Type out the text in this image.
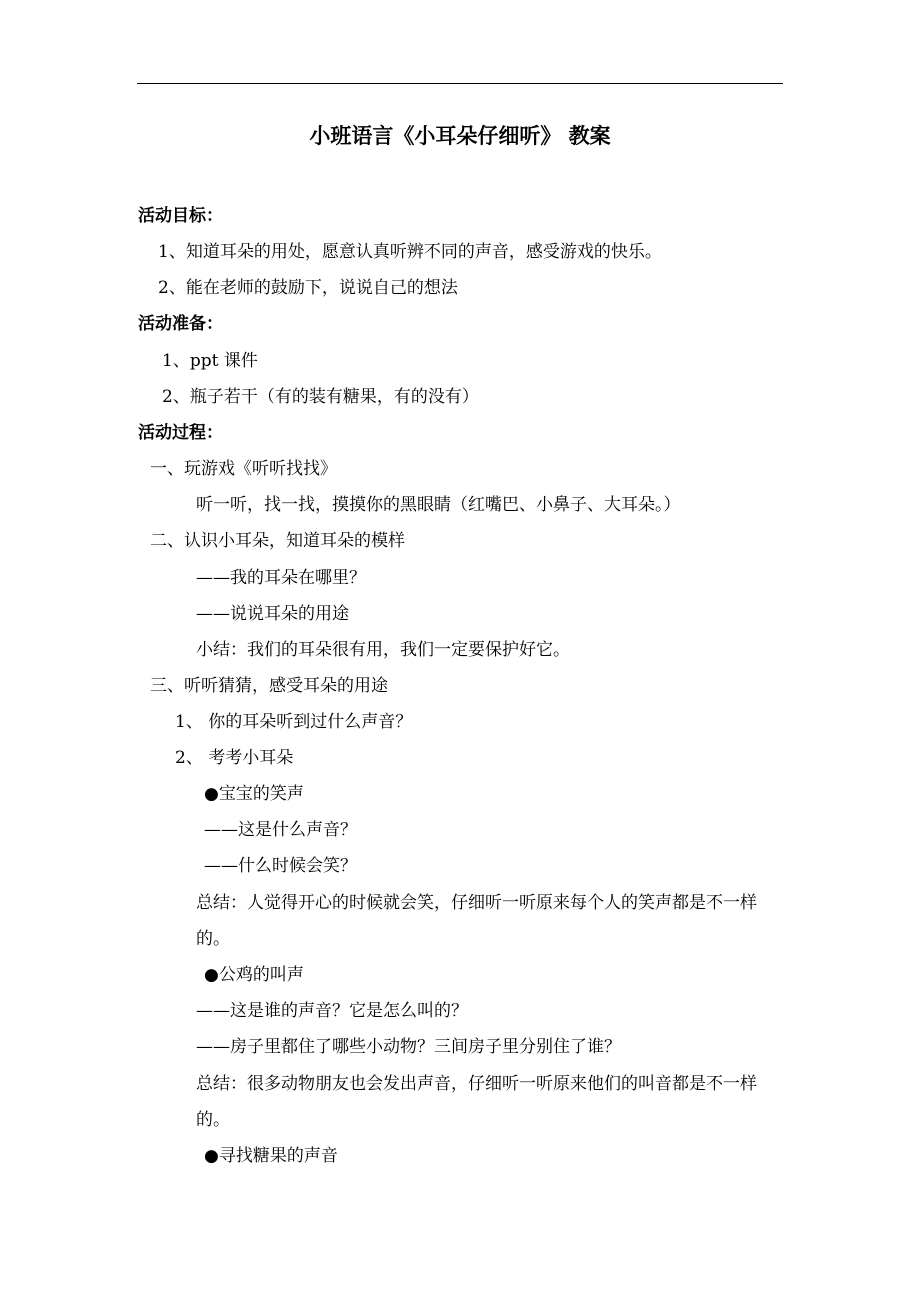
小班语言《小耳朵仔细听》 教案
活动目标：
1、知道耳朵的用处，愿意认真听辨不同的声音，感受游戏的快乐。
2、能在老师的鼓励下，说说自己的想法
活动准备：
1、ppt 课件
2、瓶子若干（有的装有糖果，有的没有）
活动过程：
一、玩游戏《听听找找》
听一听，找一找，摸摸你的黑眼睛（红嘴巴、小鼻子、大耳朵。）
二、认识小耳朵，知道耳朵的模样
——我的耳朵在哪里？
——说说耳朵的用途
小结：我们的耳朵很有用，我们一定要保护好它。
三、听听猜猜，感受耳朵的用途
1、 你的耳朵听到过什么声音？
2、 考考小耳朵
●宝宝的笑声
——这是什么声音？
——什么时候会笑？
总结：人觉得开心的时候就会笑，仔细听一听原来每个人的笑声都是不一样的。
●公鸡的叫声
——这是谁的声音？它是怎么叫的？
——房子里都住了哪些小动物？三间房子里分别住了谁？
总结：很多动物朋友也会发出声音，仔细听一听原来他们的叫音都是不一样的。
●寻找糖果的声音
